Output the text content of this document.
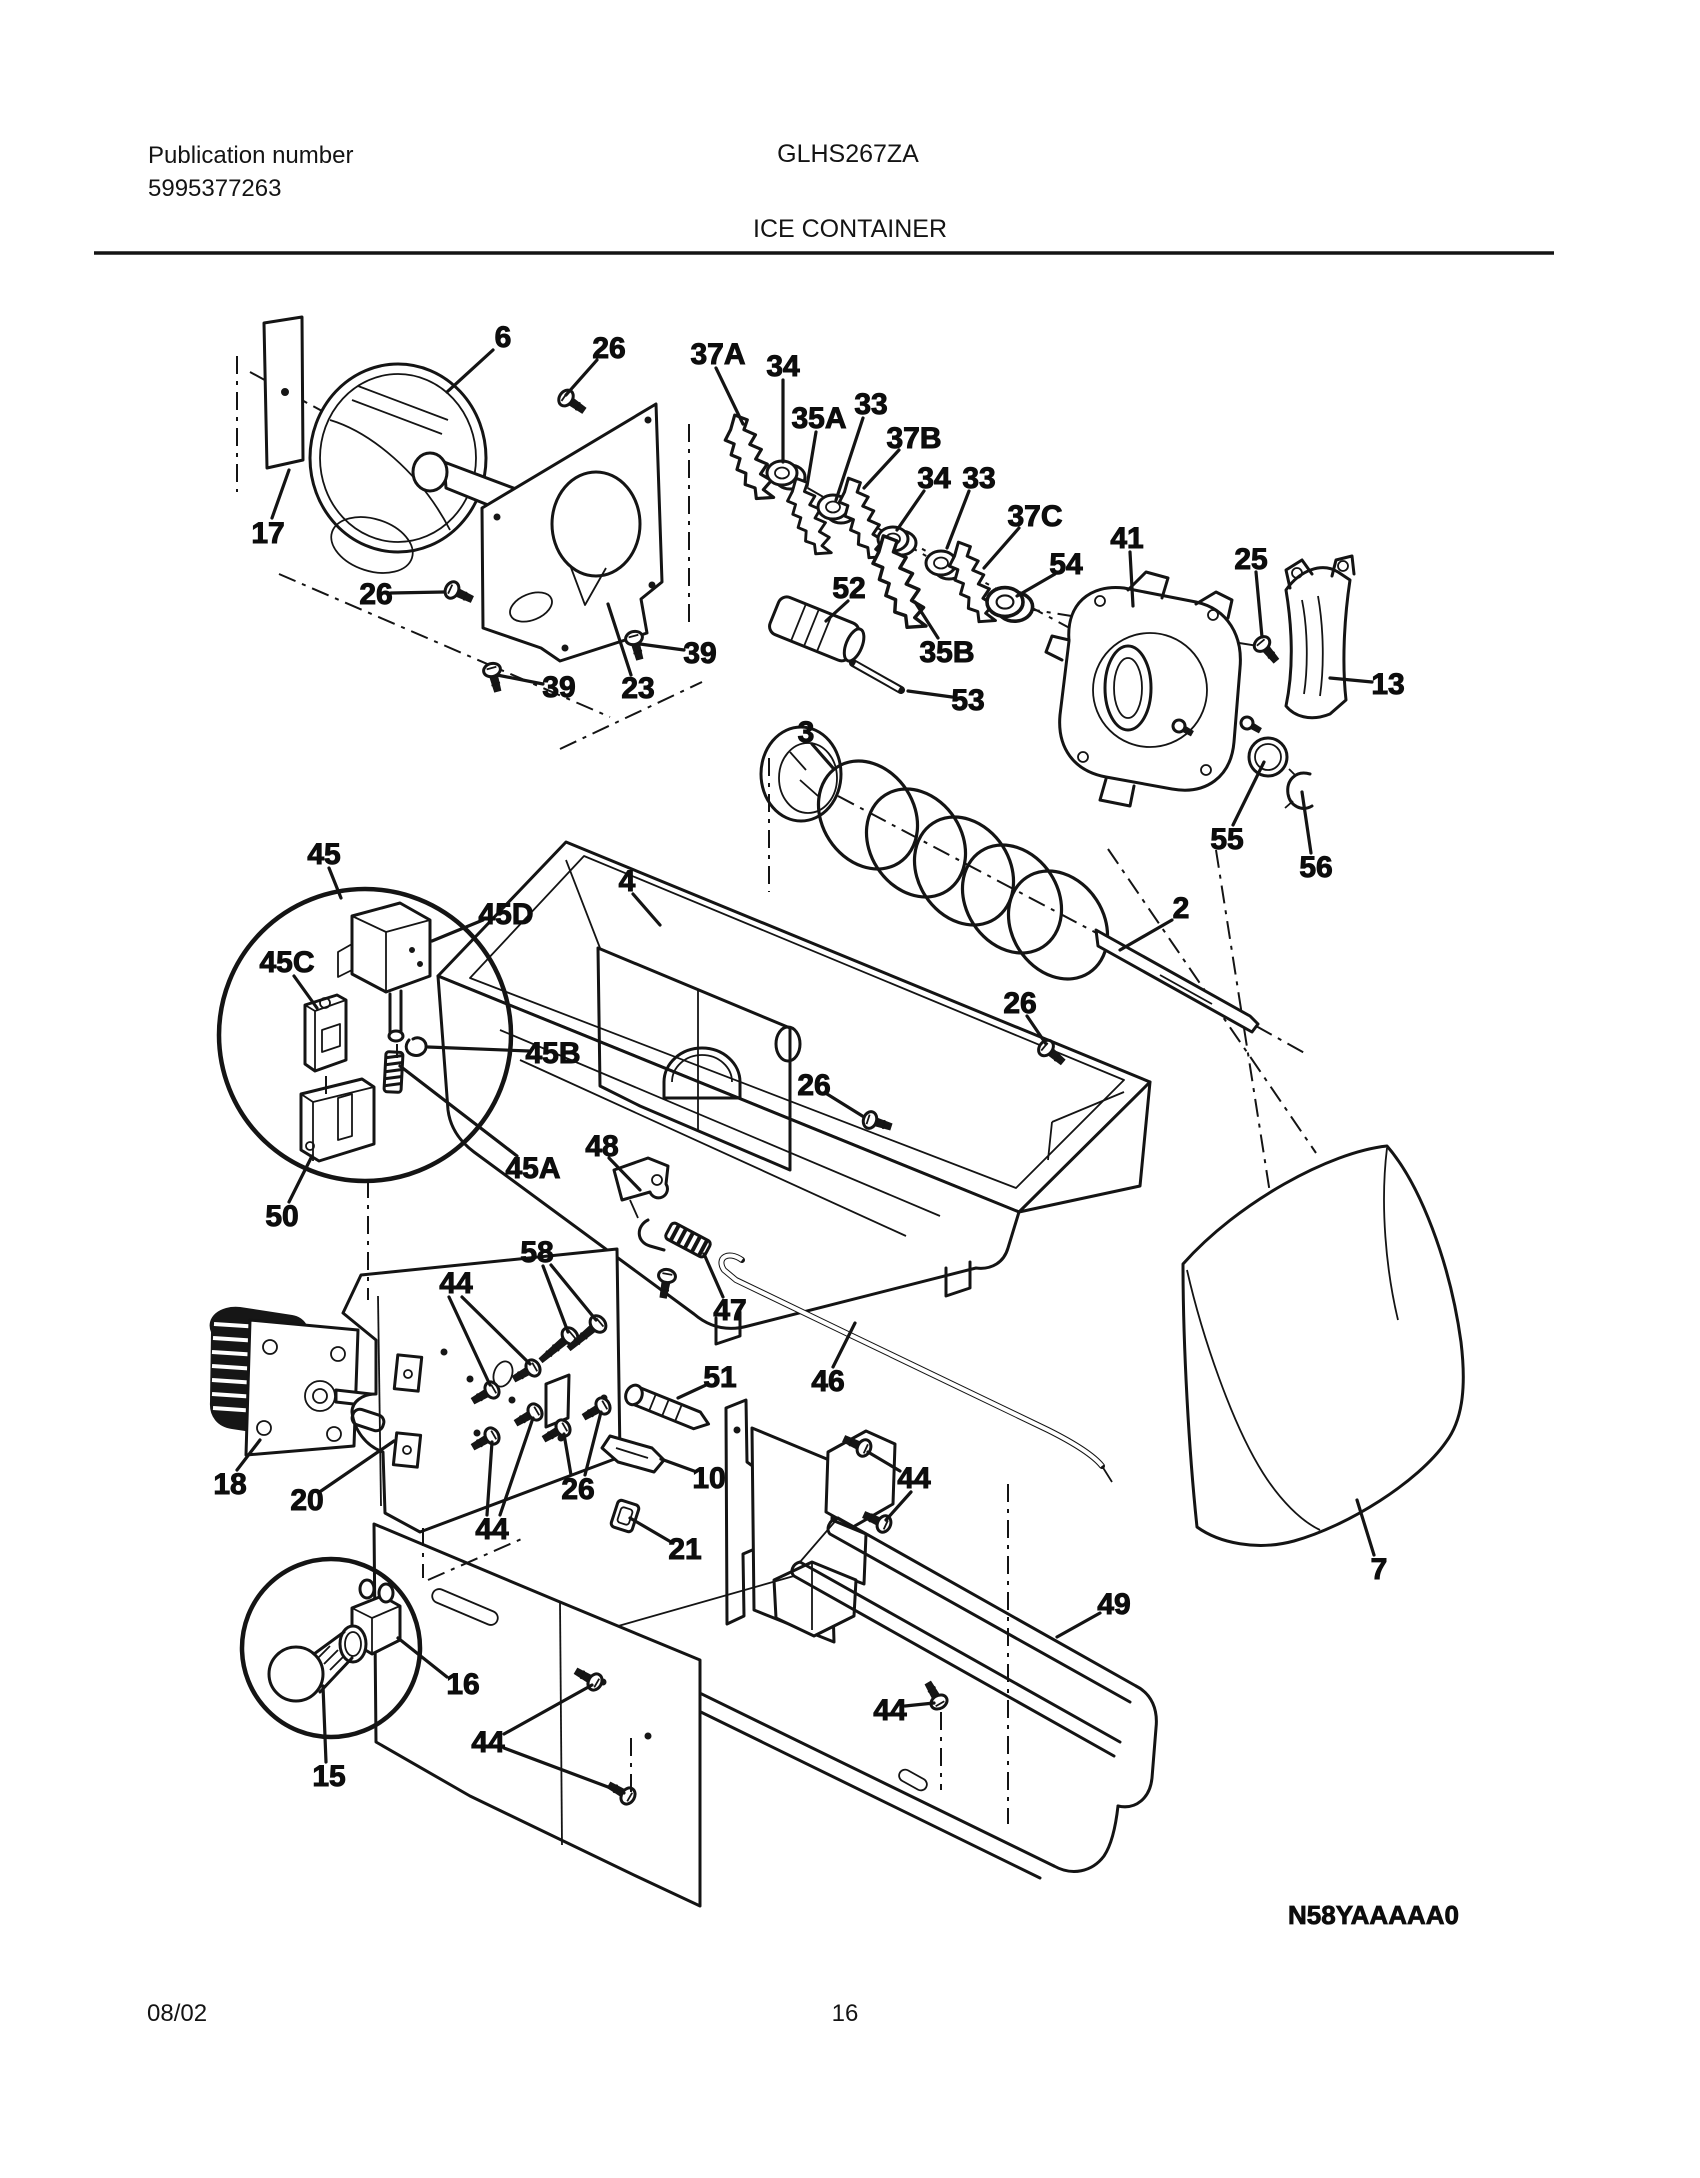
Publication number
5995377263
GLHS267ZA
ICE CONTAINER
6	26 37A 34
35A 33
37B
34 33
37C
41
25
54
52
13
39 23
39
53
35B
3
17
26
55
56
45
45D
45C
4
2
26
26
45B
45A
48
50
58
44
47
46
51
18 20	26	10
44
21
16
44
15
44
49
44
7
N58YAAAAA0
08/02	16
